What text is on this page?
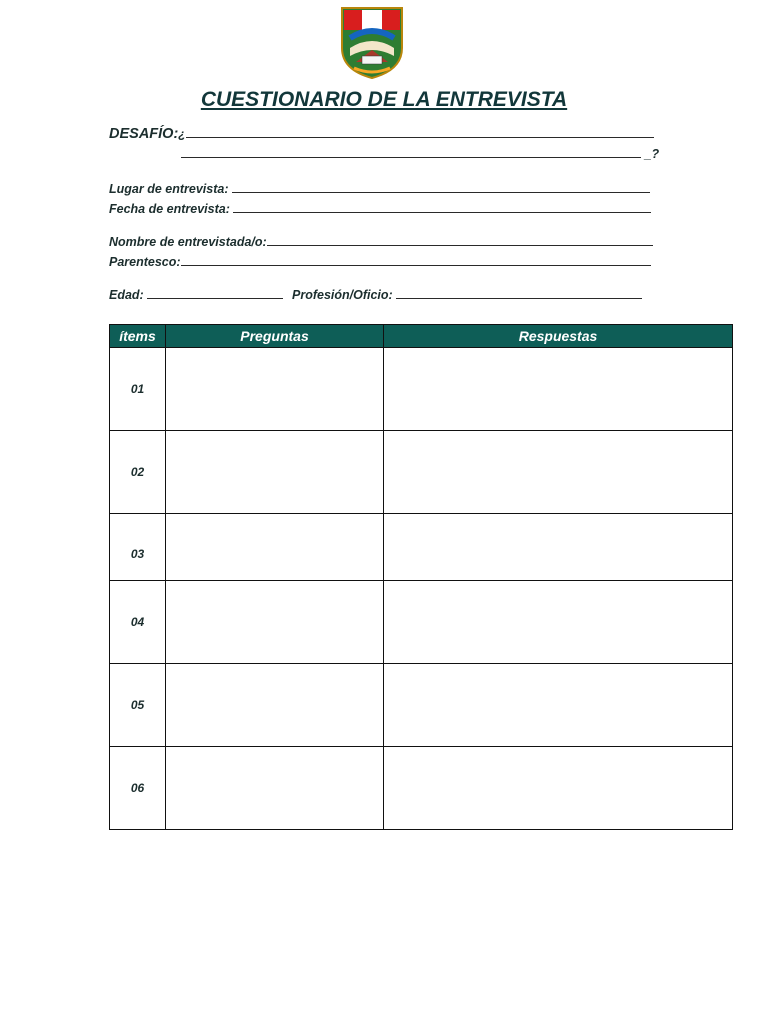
CUESTIONARIO DE LA ENTREVISTA
DESAFÍO:¿
_?
Lugar de entrevista:
Fecha de entrevista:
Nombre de entrevistada/o:
Parentesco:
Edad:	Profesión/Oficio:
ítems	Preguntas	Respuestas
01		
02		
03		
04		
05		
06		
